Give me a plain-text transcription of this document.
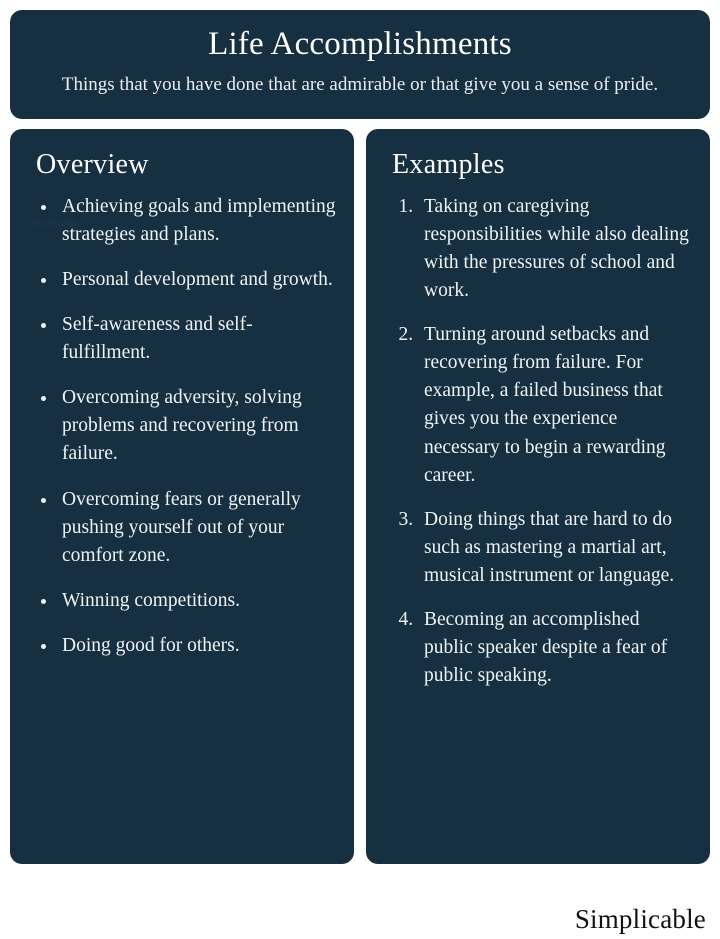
Life Accomplishments

Things that you have done that are admirable or that give you a sense of pride.

Overview
• Achieving goals and implementing strategies and plans.
• Personal development and growth.
• Self-awareness and self-fulfillment.
• Overcoming adversity, solving problems and recovering from failure.
• Overcoming fears or generally pushing yourself out of your comfort zone.
• Winning competitions.
• Doing good for others.
Examples
1. Taking on caregiving responsibilities while also dealing with the pressures of school and work.
2. Turning around setbacks and recovering from failure. For example, a failed business that gives you the experience necessary to begin a rewarding career.
3. Doing things that are hard to do such as mastering a martial art, musical instrument or language.
4. Becoming an accomplished public speaker despite a fear of public speaking.
Simplicable
Simplicable
